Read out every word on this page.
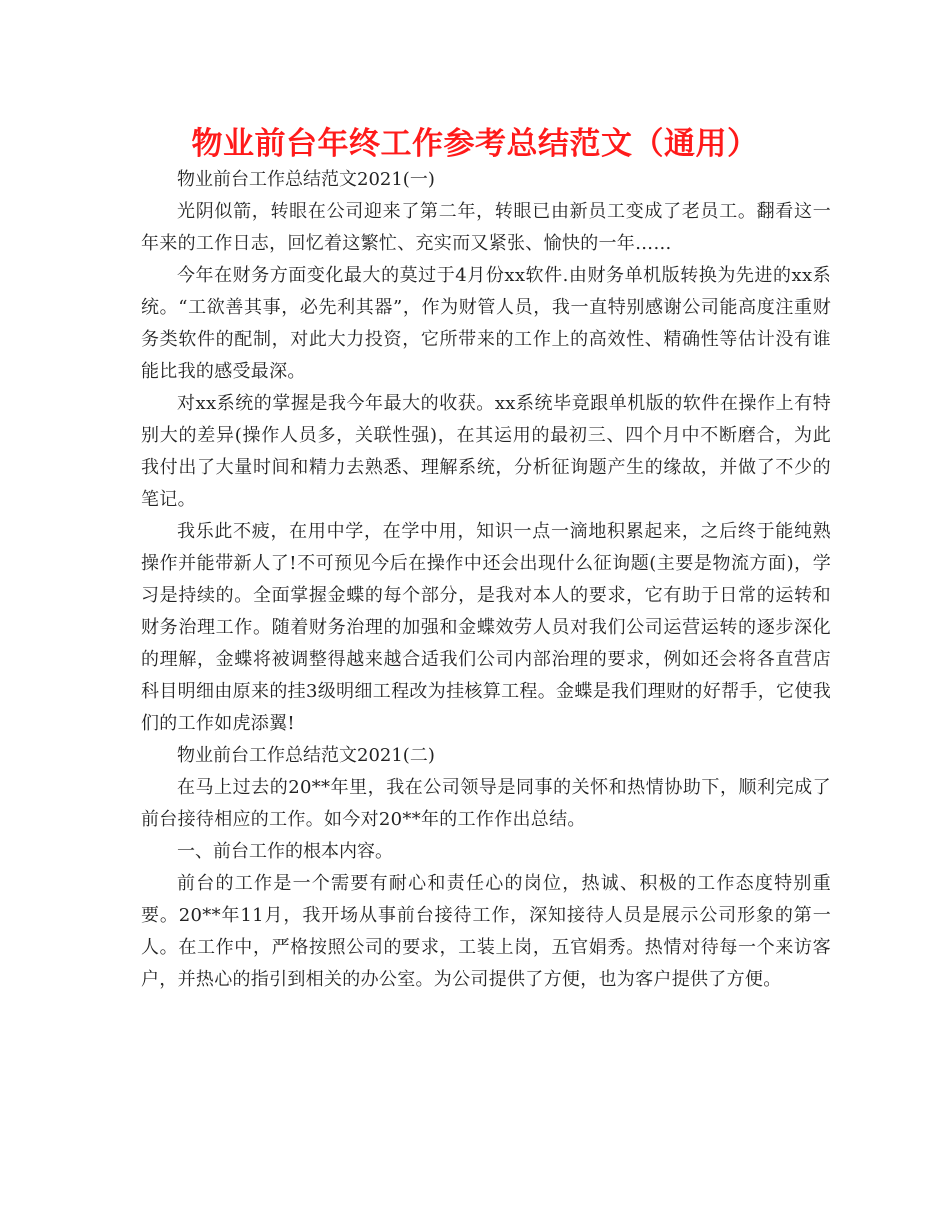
物业前台年终工作参考总结范文（通用）

物业前台工作总结范文2021(一)

光阴似箭，转眼在公司迎来了第二年，转眼已由新员工变成了老员工。翻看这一年来的工作日志，回忆着这繁忙、充实而又紧张、愉快的一年……

今年在财务方面变化最大的莫过于4月份xx软件.由财务单机版转换为先进的xx系统。“工欲善其事，必先利其器”，作为财管人员，我一直特别感谢公司能高度注重财务类软件的配制，对此大力投资，它所带来的工作上的高效性、精确性等估计没有谁能比我的感受最深。

对xx系统的掌握是我今年最大的收获。xx系统毕竟跟单机版的软件在操作上有特别大的差异(操作人员多，关联性强)，在其运用的最初三、四个月中不断磨合，为此我付出了大量时间和精力去熟悉、理解系统，分析征询题产生的缘故，并做了不少的笔记。

我乐此不疲，在用中学，在学中用，知识一点一滴地积累起来，之后终于能纯熟操作并能带新人了!不可预见今后在操作中还会出现什么征询题(主要是物流方面)，学习是持续的。全面掌握金蝶的每个部分，是我对本人的要求，它有助于日常的运转和财务治理工作。随着财务治理的加强和金蝶效劳人员对我们公司运营运转的逐步深化的理解，金蝶将被调整得越来越合适我们公司内部治理的要求，例如还会将各直营店科目明细由原来的挂3级明细工程改为挂核算工程。金蝶是我们理财的好帮手，它使我们的工作如虎添翼!

物业前台工作总结范文2021(二)

在马上过去的20**年里，我在公司领导是同事的关怀和热情协助下，顺利完成了前台接待相应的工作。如今对20**年的工作作出总结。

一、前台工作的根本内容。

前台的工作是一个需要有耐心和责任心的岗位，热诚、积极的工作态度特别重要。20**年11月，我开场从事前台接待工作，深知接待人员是展示公司形象的第一人。在工作中，严格按照公司的要求，工装上岗，五官娟秀。热情对待每一个来访客户，并热心的指引到相关的办公室。为公司提供了方便，也为客户提供了方便。
